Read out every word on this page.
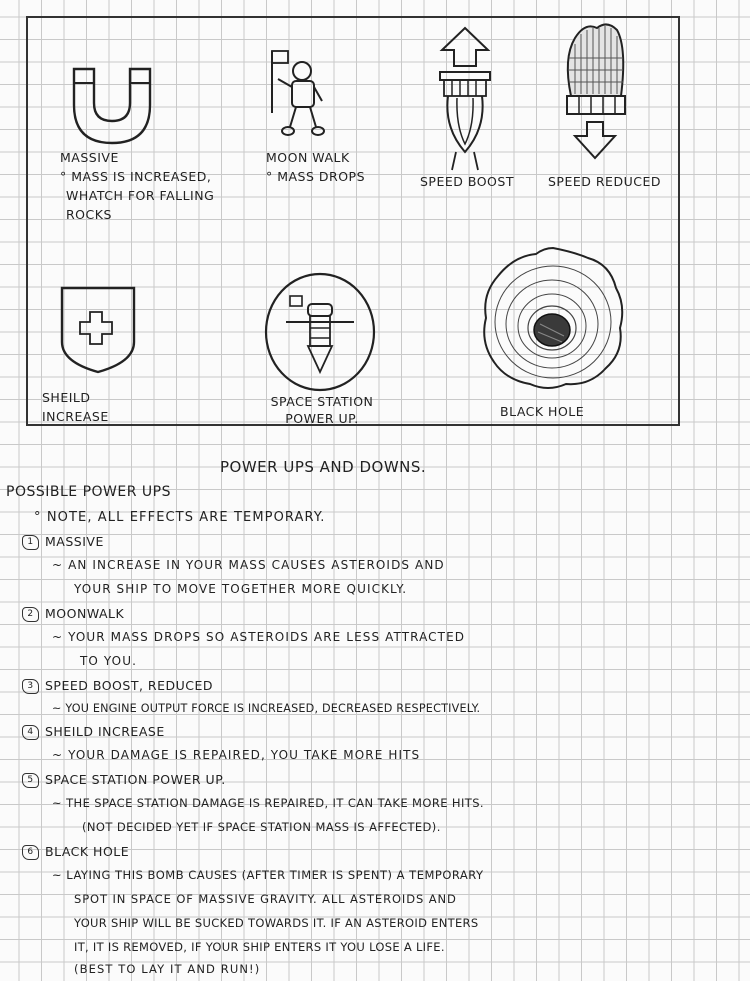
MASSIVE
° MASS IS INCREASED,
WHATCH FOR FALLING
ROCKS
MOON WALK
° MASS DROPS	SPEED BOOST	SPEED REDUCED
SHEILD
INCREASE
SPACE STATION
POWER UP.	BLACK HOLE
POWER UPS AND DOWNS.
POSSIBLE POWER UPS
° NOTE, ALL EFFECTS ARE TEMPORARY.
1 MASSIVE
~ AN INCREASE IN YOUR MASS CAUSES ASTEROIDS AND
YOUR SHIP TO MOVE TOGETHER MORE QUICKLY.
2 MOONWALK
~ YOUR MASS DROPS SO ASTEROIDS ARE LESS ATTRACTED
TO YOU.
3 SPEED BOOST, REDUCED
~ YOU ENGINE OUTPUT FORCE IS INCREASED, DECREASED RESPECTIVELY.
4 SHEILD INCREASE
~ YOUR DAMAGE IS REPAIRED, YOU TAKE MORE HITS
5 SPACE STATION POWER UP.
~ THE SPACE STATION DAMAGE IS REPAIRED, IT CAN TAKE MORE HITS.
(NOT DECIDED YET IF SPACE STATION MASS IS AFFECTED).
6 BLACK HOLE
~ LAYING THIS BOMB CAUSES (AFTER TIMER IS SPENT) A TEMPORARY
SPOT IN SPACE OF MASSIVE GRAVITY. ALL ASTEROIDS AND
YOUR SHIP WILL BE SUCKED TOWARDS IT. IF AN ASTEROID ENTERS
IT, IT IS REMOVED, IF YOUR SHIP ENTERS IT YOU LOSE A LIFE.
(BEST TO LAY IT AND RUN!)
